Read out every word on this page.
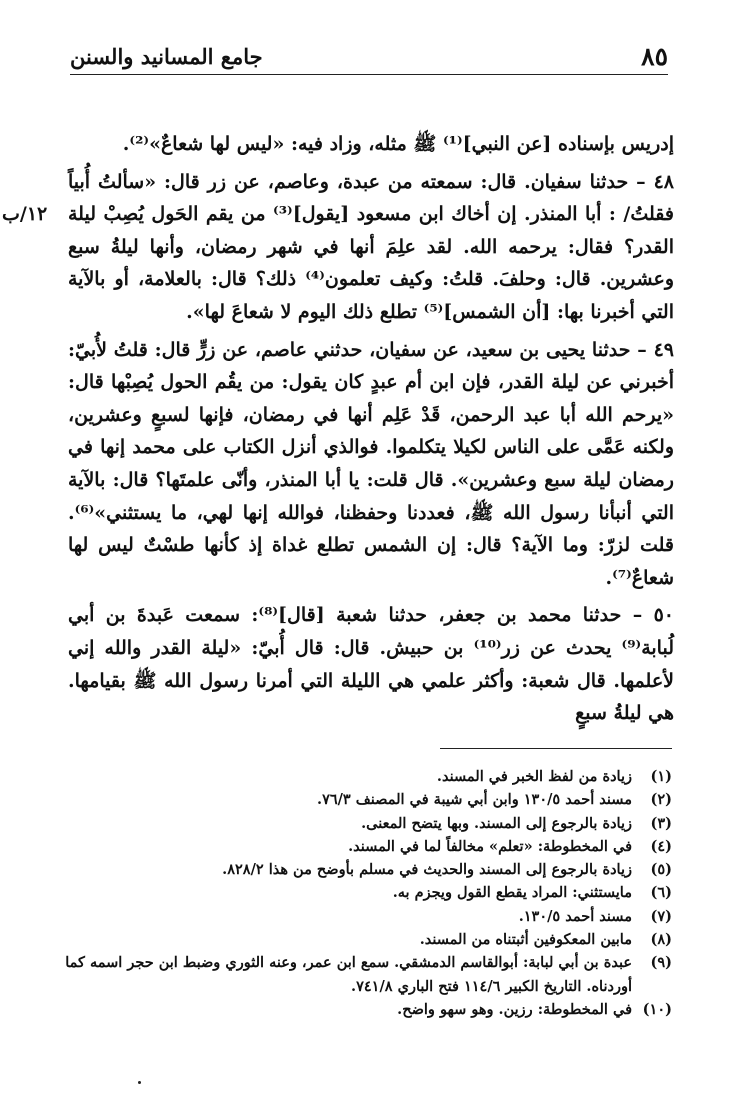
٨٥
جامع المسانيد والسنن
١٢/ب

إدريس بإسناده [عن النبي]⁽¹⁾ ﷺ مثله، وزاد فيه: «ليس لها شعاعٌ»⁽²⁾.

٤٨ – حدثنا سفيان. قال: سمعته من عبدة، وعاصم، عن زر قال: «سألتُ أُبياً فقلتُ/ : أبا المنذر. إن أخاك ابن مسعود [يقول]⁽³⁾ من يقم الحَول يُصِبْ ليلة القدر؟ فقال: يرحمه الله. لقد علِمَ أنها في شهر رمضان، وأنها ليلةُ سبع وعشرين. قال: وحلفَ. قلتُ: وكيف تعلمون⁽⁴⁾ ذلك؟ قال: بالعلامة، أو بالآية التي أخبرنا بها: [أن الشمس]⁽⁵⁾ تطلع ذلك اليوم لا شعاعَ لها».

٤٩ – حدثنا يحيى بن سعيد، عن سفيان، حدثني عاصم، عن زرٍّ قال: قلتُ لأُبيّ: أخبرني عن ليلة القدر، فإن ابن أم عبدٍ كان يقول: من يقُم الحول يُصِبْها قال: «يرحم الله أبا عبد الرحمن، قَدْ عَلِم أنها في رمضان، فإنها لسبعٍ وعشرين، ولكنه عَمَّى على الناس لكيلا يتكلموا. فوالذي أنزل الكتاب على محمد إنها في رمضان ليلة سبع وعشرين». قال قلت: يا أبا المنذر، وأنّى علمتَها؟ قال: بالآية التي أنبأنا رسول الله ﷺ، فعددنا وحفظنا، فوالله إنها لهي، ما يستثني»⁽⁶⁾. قلت لزرّ: وما الآية؟ قال: إن الشمس تطلع غداة إذ كأنها طسْتٌ ليس لها شعاعٌ⁽⁷⁾.

٥٠ – حدثنا محمد بن جعفر، حدثنا شعبة [قال]⁽⁸⁾: سمعت عَبدةَ بن أبي لُبابة⁽⁹⁾ يحدث عن زر⁽¹⁰⁾ بن حبيش. قال: قال أُبيّ: «ليلة القدر والله إني لأعلمها. قال شعبة: وأكثر علمي هي الليلة التي أمرنا رسول الله ﷺ بقيامها. هي ليلةُ سبعٍ

(١)
زيادة من لفظ الخبر في المسند.
(٢)
مسند أحمد ١٣٠/٥ وابن أبي شيبة في المصنف ٧٦/٣.
(٣)
زيادة بالرجوع إلى المسند. وبها يتضح المعنى.
(٤)
في المخطوطة: «تعلم» مخالفاً لما في المسند.
(٥)
زيادة بالرجوع إلى المسند والحديث في مسلم بأوضح من هذا ٨٢٨/٢.
(٦)
مايستثني: المراد يقطع القول ويجزم به.
(٧)
مسند أحمد ١٣٠/٥.
(٨)
مابين المعكوفين أثبتناه من المسند.
(٩)
عبدة بن أبي لبابة: أبوالقاسم الدمشقي. سمع ابن عمر، وعنه الثوري وضبط ابن حجر اسمه كما أوردناه. التاريخ الكبير ١١٤/٦ فتح الباري ٧٤١/٨.
(١٠)
في المخطوطة: رزين. وهو سهو واضح.
